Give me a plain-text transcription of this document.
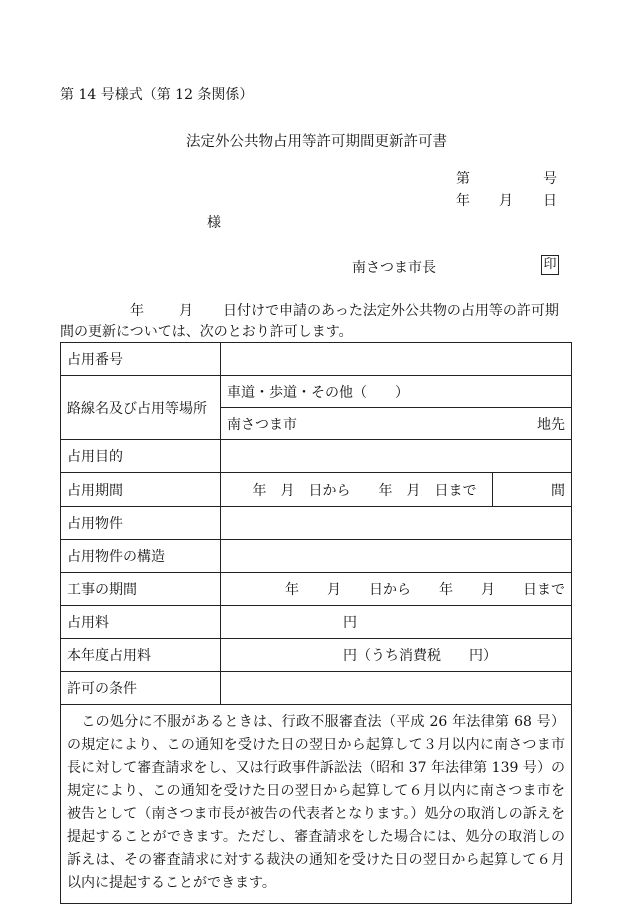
第 14 号様式（第 12 条関係）
法定外公共物占用等許可期間更新許可書
第	号
年 月 日
様
南さつま市長	印
年	月 日付けで申請のあった法定外公共物の占用等の許可期
間の更新については、次のとおり許可します。
占用番号	
路線名及び占用等場所	車道・歩道・その他（　　）

	南さつま市 地先

占用目的	
占用期間	年　月　日から　　年　月　日まで 間

占用物件	
占用物件の構造	
工事の期間	年　　月　　日から　　年　　月　　日まで
占用料	円
本年度占用料	円（うち消費税　　円）
許可の条件	
　この処分に不服があるときは、行政不服審査法（平成 26 年法律第 68 号）の規定により、この通知を受けた日の翌日から起算して３月以内に南さつま市長に対して審査請求をし、又は行政事件訴訟法（昭和 37 年法律第 139 号）の規定により、この通知を受けた日の翌日から起算して６月以内に南さつま市を被告として（南さつま市長が被告の代表者となります。）処分の取消しの訴えを提起することができます。ただし、審査請求をした場合には、処分の取消しの訴えは、その審査請求に対する裁決の通知を受けた日の翌日から起算して６月以内に提起することができます。	
